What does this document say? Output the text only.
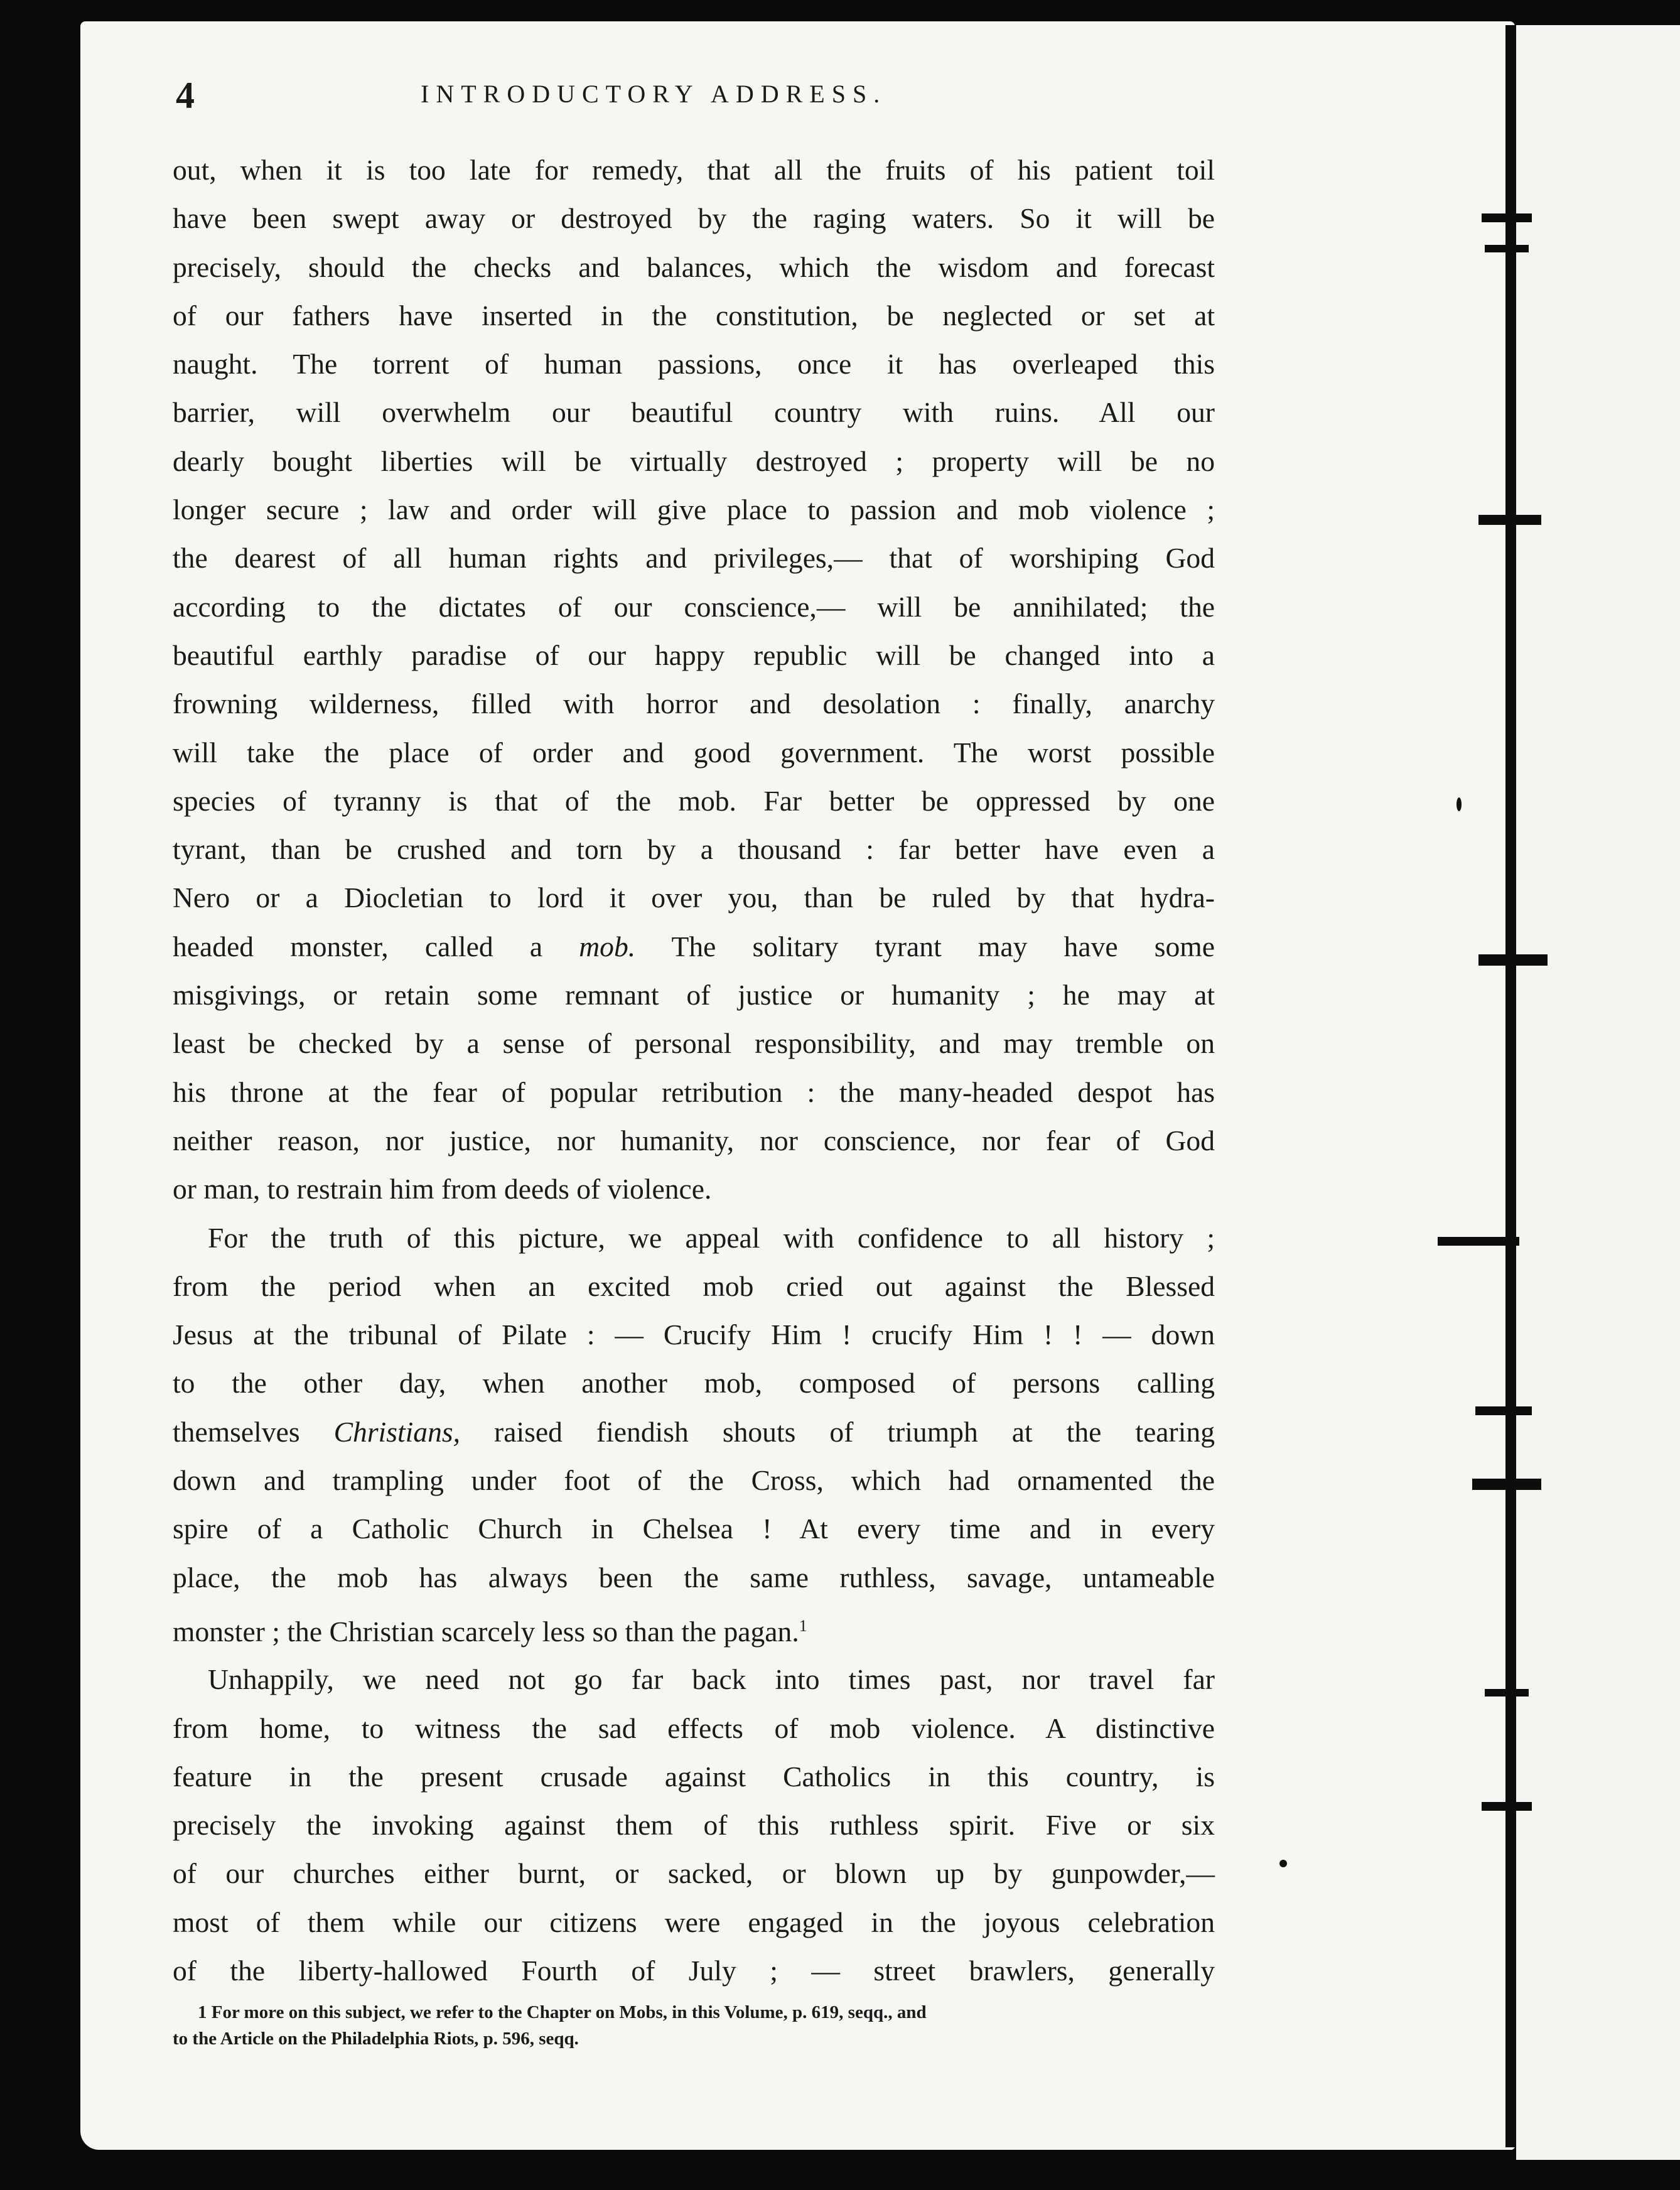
4	INTRODUCTORY ADDRESS.
out, when it is too late for remedy, that all the fruits of his patient toil
have been swept away or destroyed by the raging waters. So it will be
precisely, should the checks and balances, which the wisdom and forecast
of our fathers have inserted in the constitution, be neglected or set at
naught. The torrent of human passions, once it has overleaped this
barrier, will overwhelm our beautiful country with ruins. All our
dearly bought liberties will be virtually destroyed ; property will be no
longer secure ; law and order will give place to passion and mob violence ;
the dearest of all human rights and privileges,— that of worshiping God
according to the dictates of our conscience,— will be annihilated; the
beautiful earthly paradise of our happy republic will be changed into a
frowning wilderness, filled with horror and desolation : finally, anarchy
will take the place of order and good government. The worst possible
species of tyranny is that of the mob. Far better be oppressed by one
tyrant, than be crushed and torn by a thousand : far better have even a
Nero or a Diocletian to lord it over you, than be ruled by that hydra-
headed monster, called a mob. The solitary tyrant may have some
misgivings, or retain some remnant of justice or humanity ; he may at
least be checked by a sense of personal responsibility, and may tremble on
his throne at the fear of popular retribution : the many-headed despot has
neither reason, nor justice, nor humanity, nor conscience, nor fear of God
or man, to restrain him from deeds of violence.
For the truth of this picture, we appeal with confidence to all history ;
from the period when an excited mob cried out against the Blessed
Jesus at the tribunal of Pilate : — Crucify Him ! crucify Him ! ! — down
to the other day, when another mob, composed of persons calling
themselves Christians, raised fiendish shouts of triumph at the tearing
down and trampling under foot of the Cross, which had ornamented the
spire of a Catholic Church in Chelsea ! At every time and in every
place, the mob has always been the same ruthless, savage, untameable
monster ; the Christian scarcely less so than the pagan.$^1$
Unhappily, we need not go far back into times past, nor travel far
from home, to witness the sad effects of mob violence. A distinctive
feature in the present crusade against Catholics in this country, is
precisely the invoking against them of this ruthless spirit. Five or six
of our churches either burnt, or sacked, or blown up by gunpowder,—
most of them while our citizens were engaged in the joyous celebration
of the liberty-hallowed Fourth of July ; — street brawlers, generally
1 For more on this subject, we refer to the Chapter on Mobs, in this Volume, p. 619, seqq., and
to the Article on the Philadelphia Riots, p. 596, seqq.
